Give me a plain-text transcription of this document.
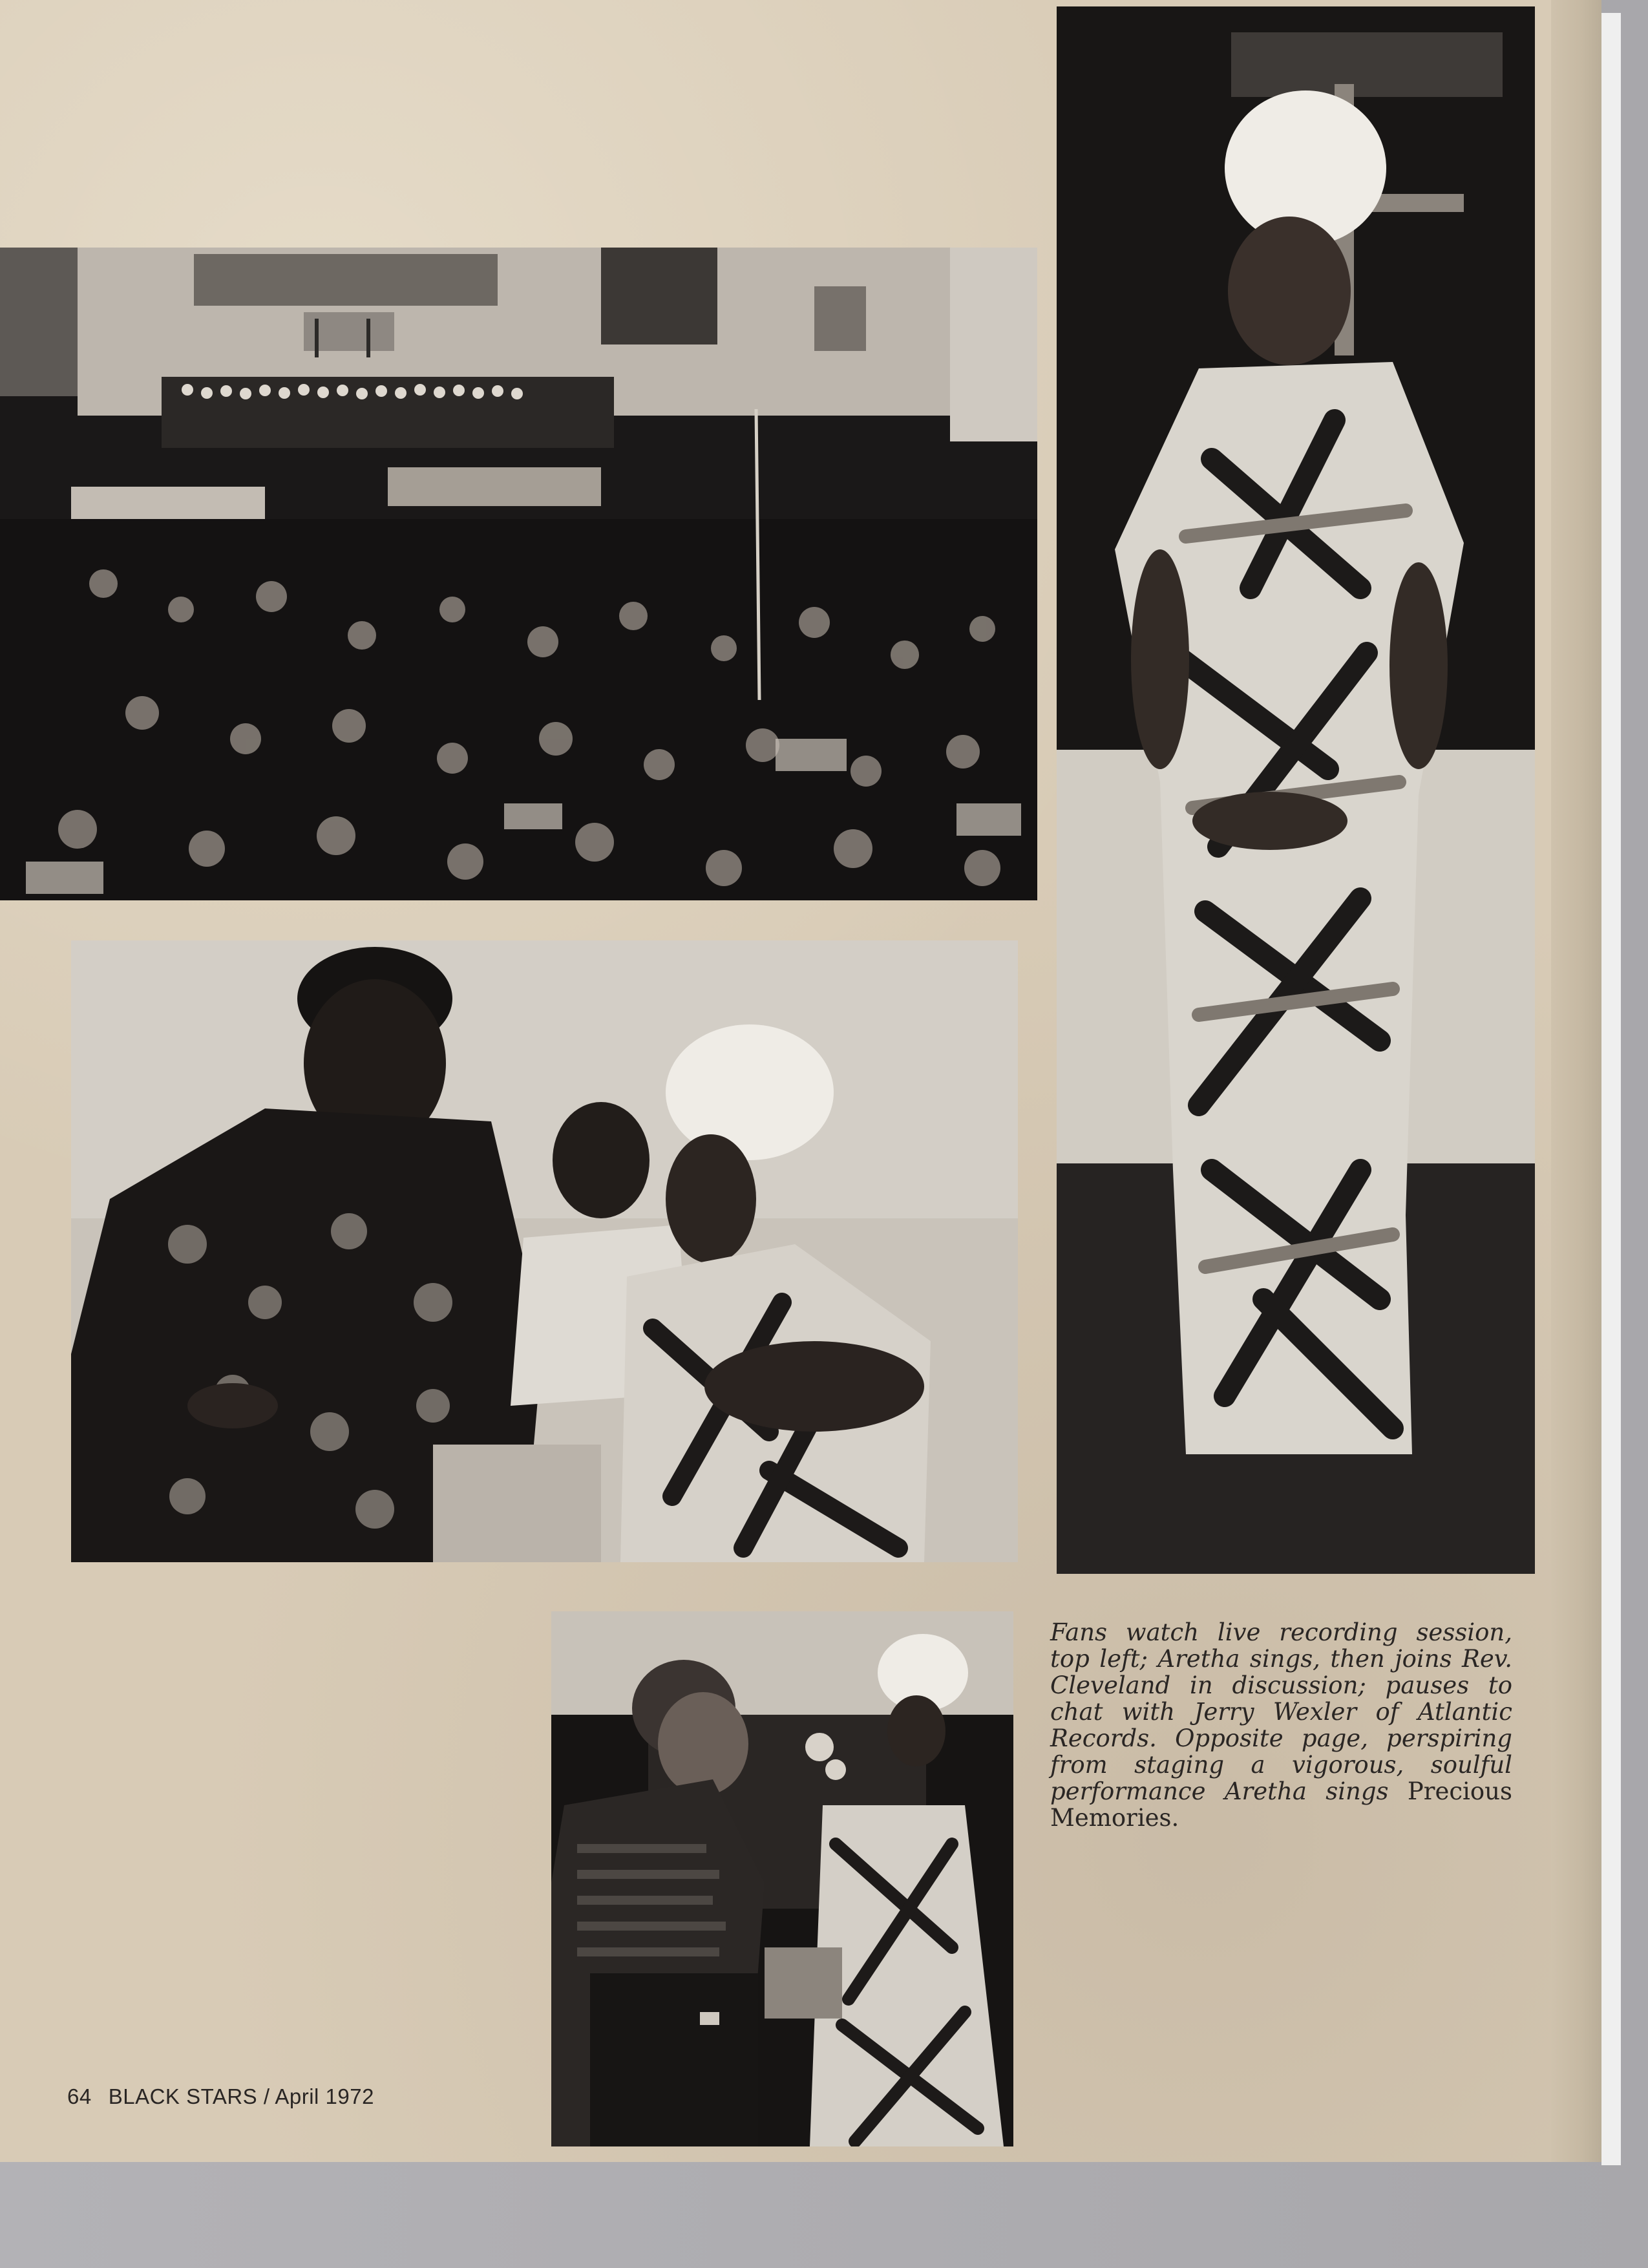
Fans watch live recording session, top left; Aretha sings, then joins Rev. Cleveland in discussion; pauses to chat with Jerry Wexler of Atlantic Records. Opposite page, perspiring from staging a vigorous, soulful performance Aretha sings Precious Memories.

64 BLACK STARS / April 1972
